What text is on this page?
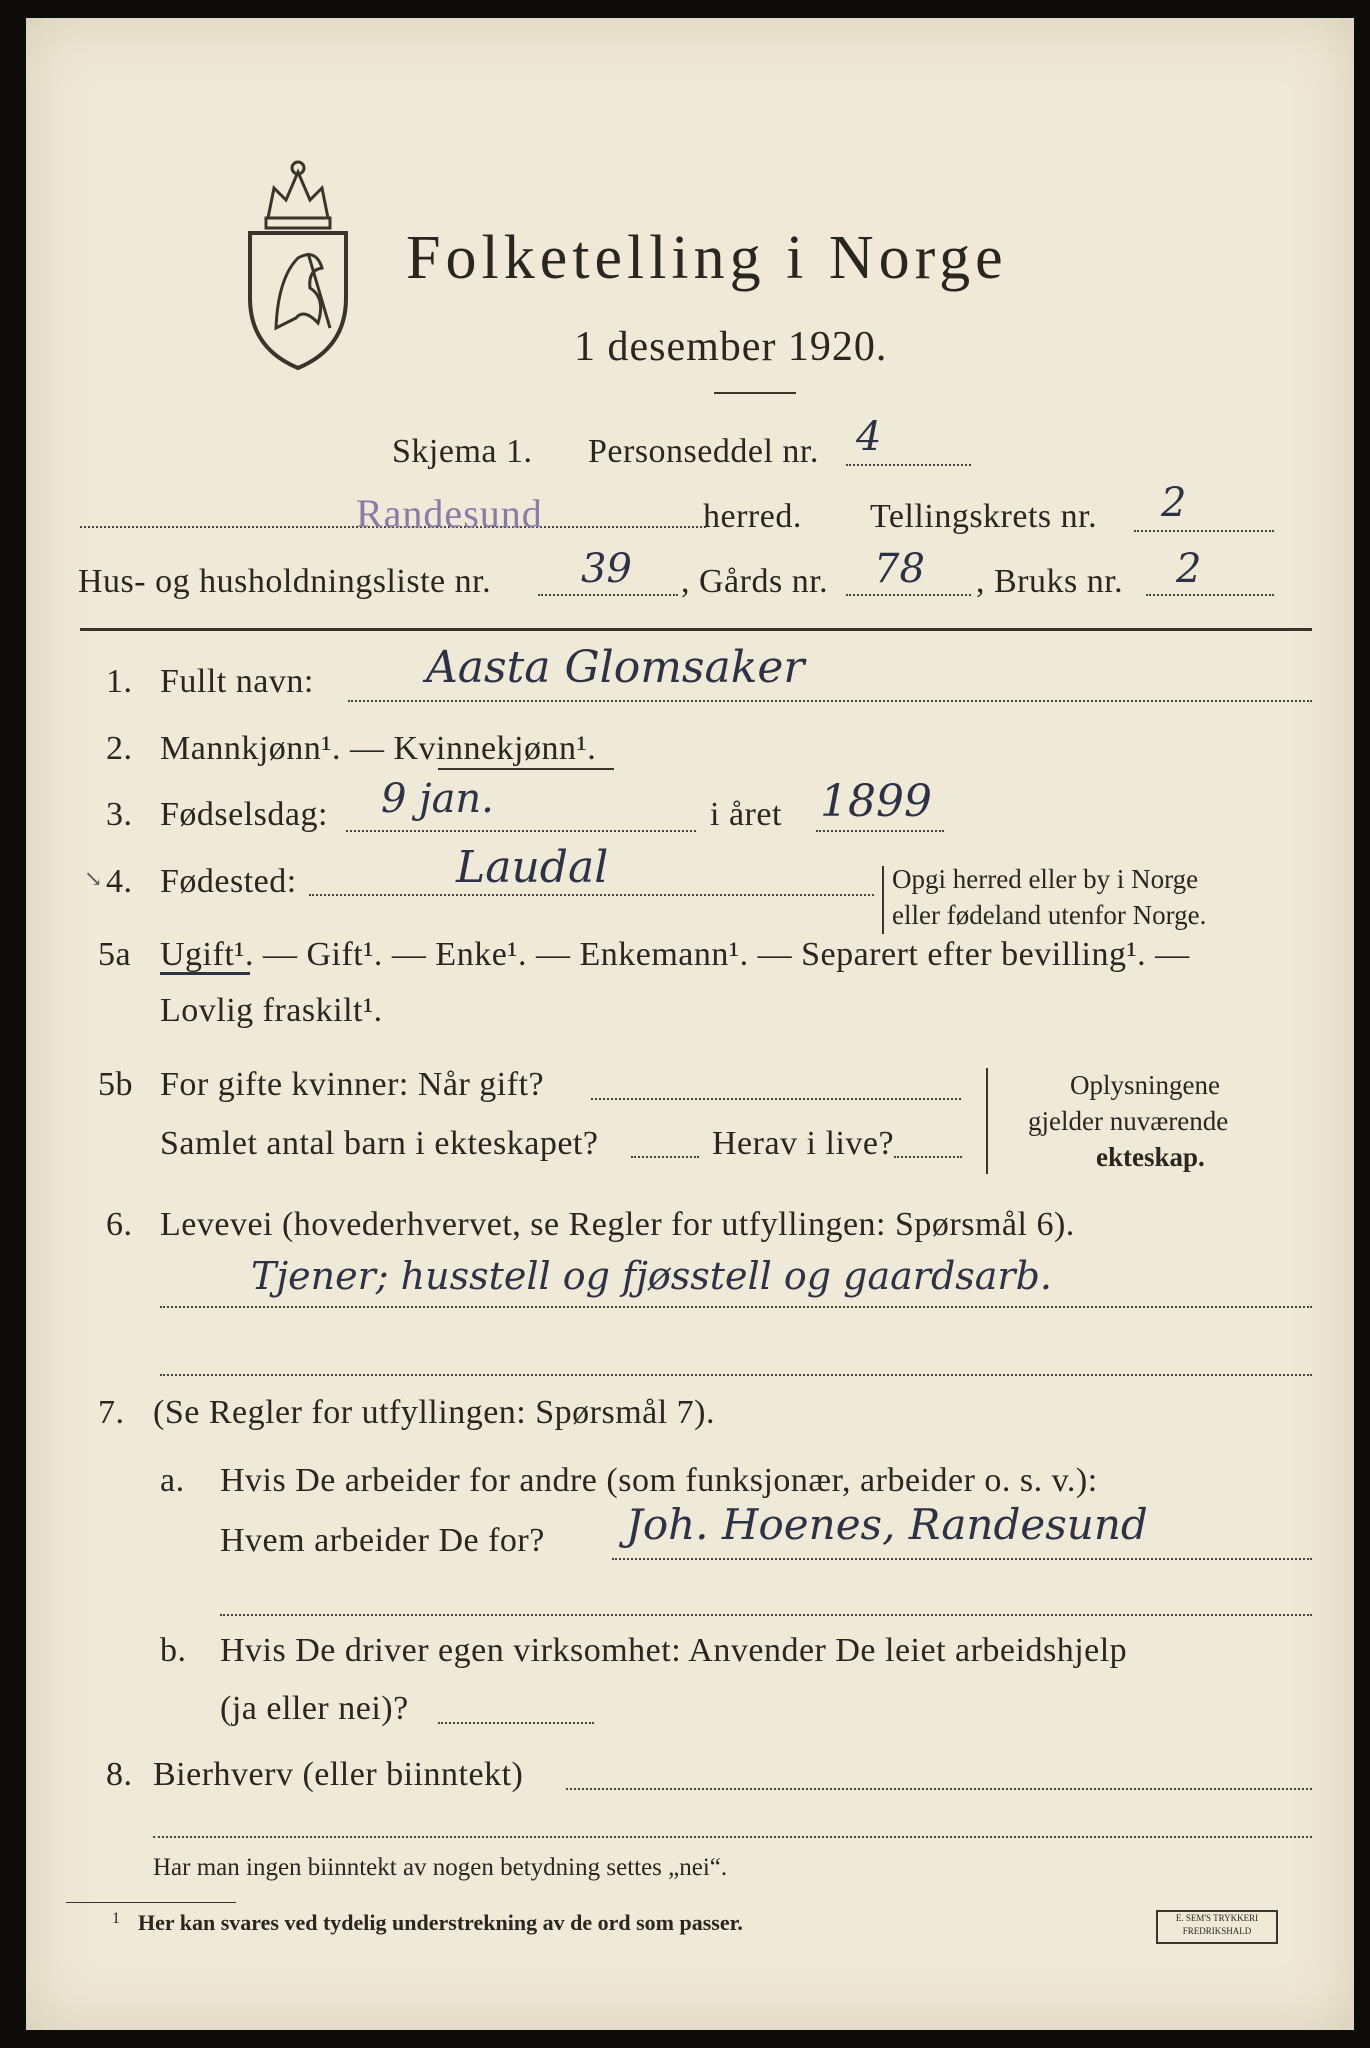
Folketelling i Norge
1 desember 1920.
Skjema 1. Personseddel nr. 4
Randesund	herred. Tellingskrets nr. 2
Hus- og husholdningsliste nr. 39 , Gårds nr. 78 , Bruks nr. 2
1. Fullt navn:	Aasta Glomsaker
2. Mannkjønn¹. — Kvinnekjønn¹.
3. Fødselsdag: 9 jan.	i året 1899
↘ 4. Fødested:	Laudal	Opgi herred eller by i Norge
eller fødeland utenfor Norge.
5a Ugift¹. — Gift¹. — Enke¹. — Enkemann¹. — Separert efter bevilling¹. —
Lovlig fraskilt¹.
5b For gifte kvinner: Når gift?
Samlet antal barn i ekteskapet?	Herav i live?
Oplysningene
gjelder nuværende
ekteskap.
6. Levevei (hovederhvervet, se Regler for utfyllingen: Spørsmål 6).
Tjener; husstell og fjøsstell og gaardsarb.
7. (Se Regler for utfyllingen: Spørsmål 7).
a. Hvis De arbeider for andre (som funksjonær, arbeider o. s. v.):
Hvem arbeider De for? Joh. Hoenes, Randesund
b. Hvis De driver egen virksomhet: Anvender De leiet arbeidshjelp
(ja eller nei)?
8. Bierhverv (eller biinntekt)
Har man ingen biinntekt av nogen betydning settes „nei“.
1 Her kan svares ved tydelig understrekning av de ord som passer.	E. SEM'S TRYKKERI
FREDRIKSHALD
